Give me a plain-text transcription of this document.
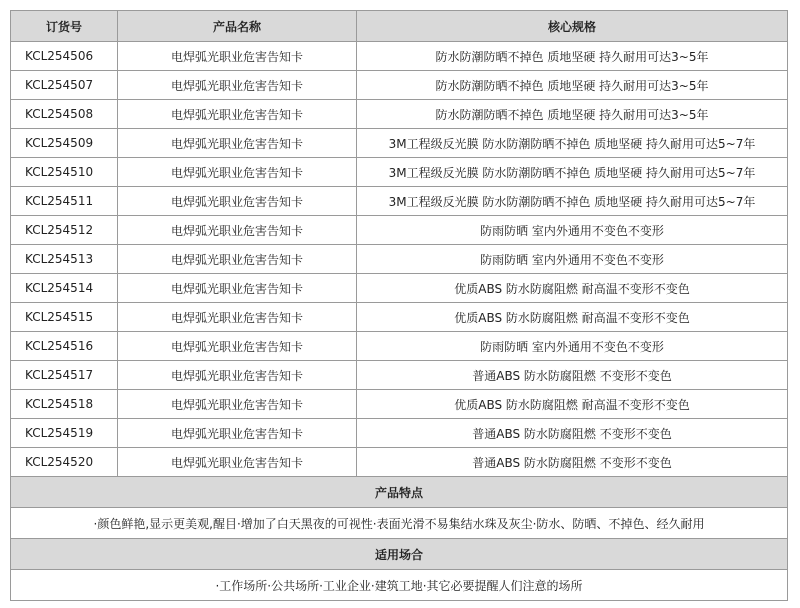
订货号	产品名称	核心规格
KCL254506	电焊弧光职业危害告知卡	防水防潮防晒不掉色 质地坚硬 持久耐用可达3~5年
KCL254507	电焊弧光职业危害告知卡	防水防潮防晒不掉色 质地坚硬 持久耐用可达3~5年
KCL254508	电焊弧光职业危害告知卡	防水防潮防晒不掉色 质地坚硬 持久耐用可达3~5年
KCL254509	电焊弧光职业危害告知卡	3M工程级反光膜 防水防潮防晒不掉色 质地坚硬 持久耐用可达5~7年
KCL254510	电焊弧光职业危害告知卡	3M工程级反光膜 防水防潮防晒不掉色 质地坚硬 持久耐用可达5~7年
KCL254511	电焊弧光职业危害告知卡	3M工程级反光膜 防水防潮防晒不掉色 质地坚硬 持久耐用可达5~7年
KCL254512	电焊弧光职业危害告知卡	防雨防晒 室内外通用不变色不变形
KCL254513	电焊弧光职业危害告知卡	防雨防晒 室内外通用不变色不变形
KCL254514	电焊弧光职业危害告知卡	优质ABS 防水防腐阻燃 耐高温不变形不变色
KCL254515	电焊弧光职业危害告知卡	优质ABS 防水防腐阻燃 耐高温不变形不变色
KCL254516	电焊弧光职业危害告知卡	防雨防晒 室内外通用不变色不变形
KCL254517	电焊弧光职业危害告知卡	普通ABS 防水防腐阻燃 不变形不变色
KCL254518	电焊弧光职业危害告知卡	优质ABS 防水防腐阻燃 耐高温不变形不变色
KCL254519	电焊弧光职业危害告知卡	普通ABS 防水防腐阻燃 不变形不变色
KCL254520	电焊弧光职业危害告知卡	普通ABS 防水防腐阻燃 不变形不变色
产品特点		
·颜色鲜艳,显示更美观,醒目·增加了白天黑夜的可视性·表面光滑不易集结水珠及灰尘·防水、防晒、不掉色、经久耐用		
适用场合		
·工作场所·公共场所·工业企业·建筑工地·其它必要提醒人们注意的场所		
